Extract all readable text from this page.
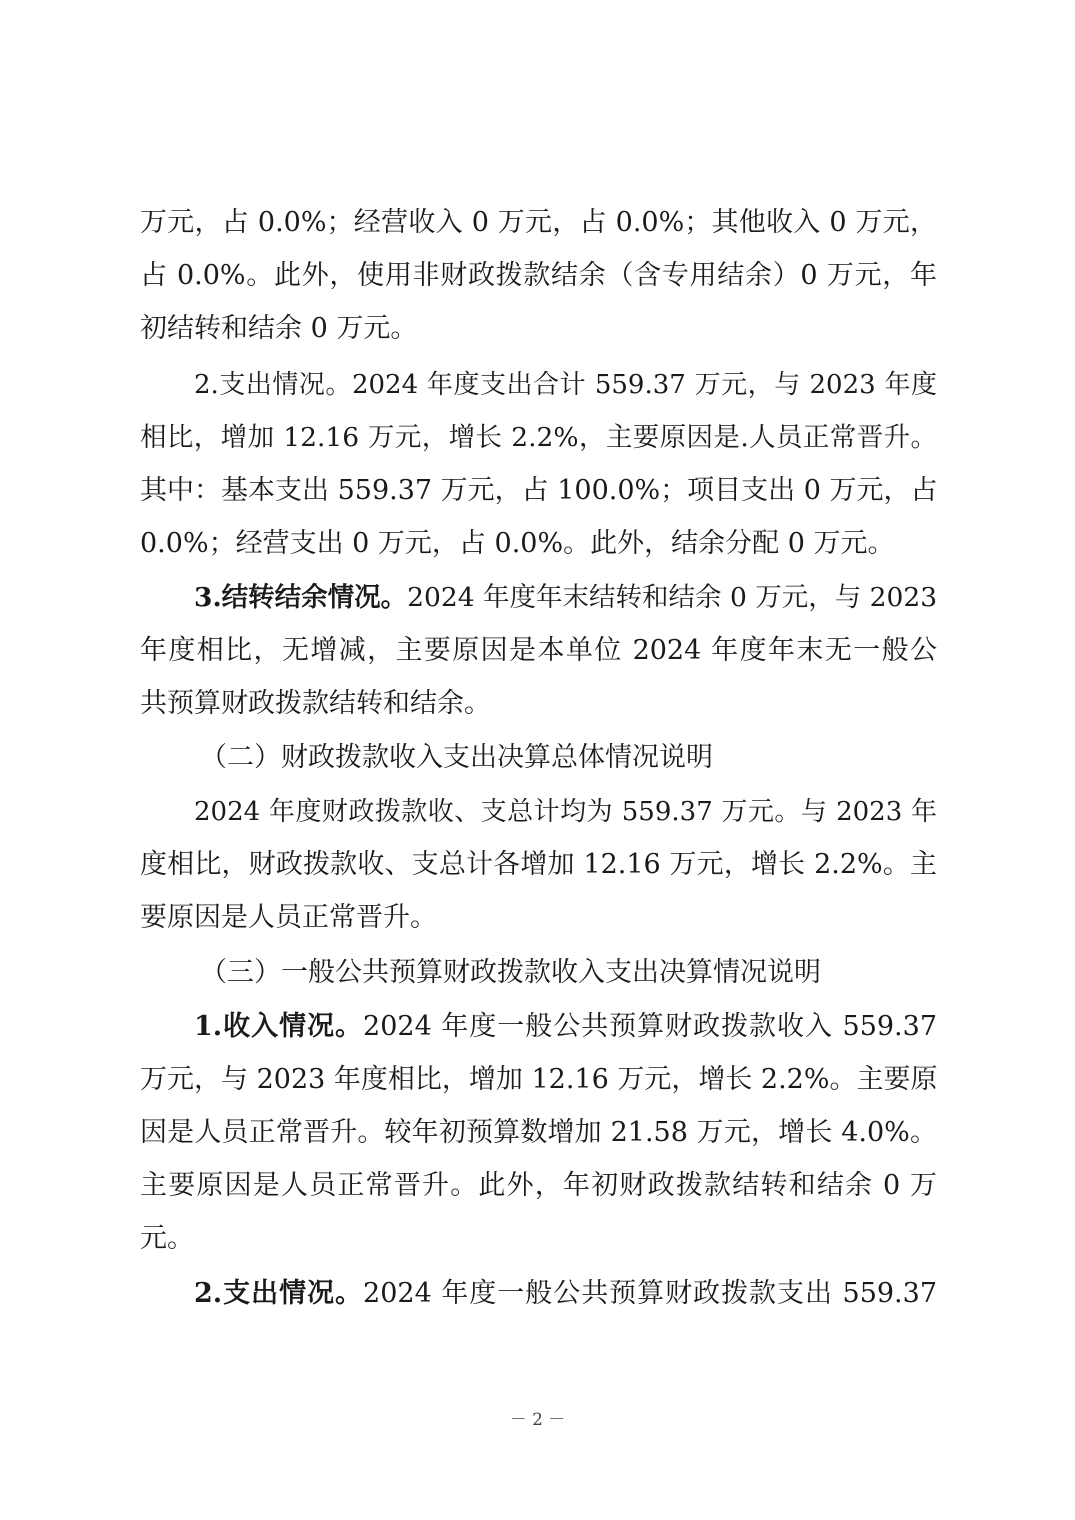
万元，占 0.0%；经营收入 0 万元，占 0.0%；其他收入 0 万元，
占 0.0%。此外，使用非财政拨款结余（含专用结余）0 万元，年
初结转和结余 0 万元。
2.支出情况。2024 年度支出合计 559.37 万元，与 2023 年度
相比，增加 12.16 万元，增长 2.2%，主要原因是.人员正常晋升。
其中：基本支出 559.37 万元，占 100.0%；项目支出 0 万元，占
0.0%；经营支出 0 万元，占 0.0%。此外，结余分配 0 万元。
3.结转结余情况。2024 年度年末结转和结余 0 万元，与 2023
年度相比，无增减，主要原因是本单位 2024 年度年末无一般公
共预算财政拨款结转和结余。
（二）财政拨款收入支出决算总体情况说明
2024 年度财政拨款收、支总计均为 559.37 万元。与 2023 年
度相比，财政拨款收、支总计各增加 12.16 万元，增长 2.2%。主
要原因是人员正常晋升。
（三）一般公共预算财政拨款收入支出决算情况说明
1.收入情况。2024 年度一般公共预算财政拨款收入 559.37
万元，与 2023 年度相比，增加 12.16 万元，增长 2.2%。主要原
因是人员正常晋升。较年初预算数增加 21.58 万元，增长 4.0%。
主要原因是人员正常晋升。此外，年初财政拨款结转和结余 0 万
元。
2.支出情况。2024 年度一般公共预算财政拨款支出 559.37
－ 2 －
